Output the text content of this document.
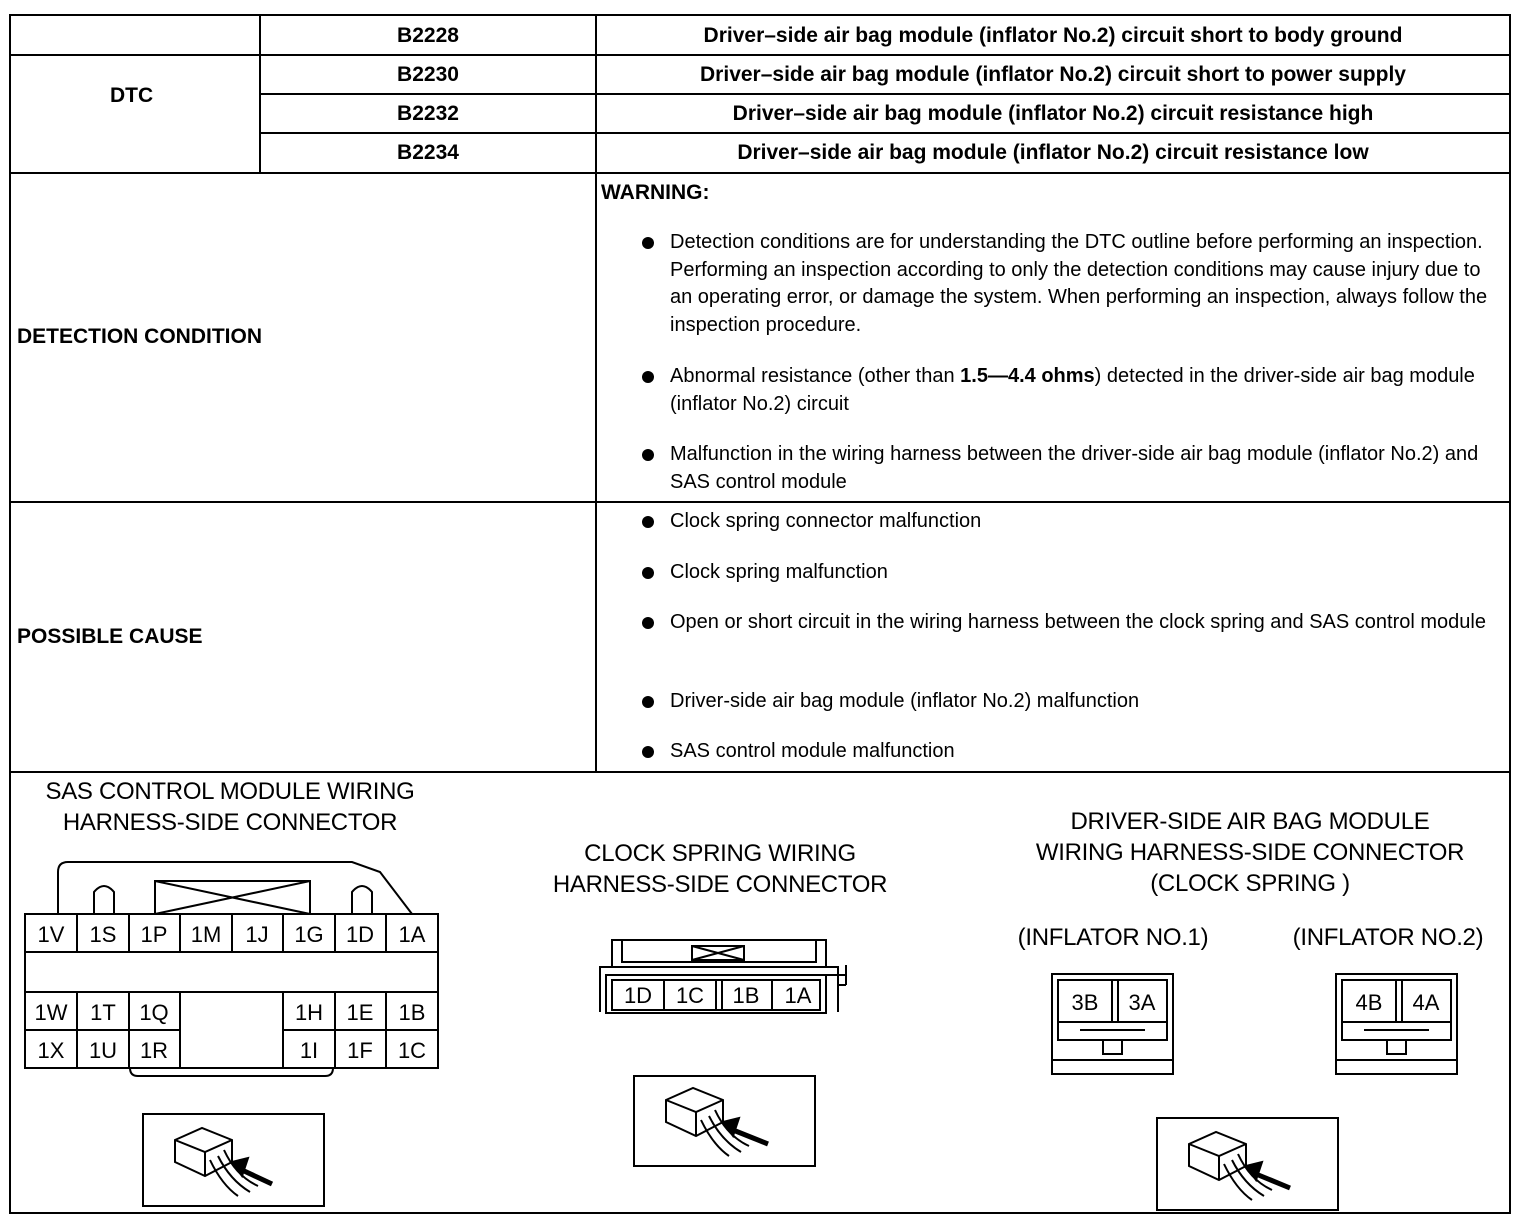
DTC
B2228	Driver–side air bag module (inflator No.2) circuit short to body ground
B2230	Driver–side air bag module (inflator No.2) circuit short to power supply
B2232	Driver–side air bag module (inflator No.2) circuit resistance high
B2234	Driver–side air bag module (inflator No.2) circuit resistance low
DETECTION CONDITION
WARNING:
Detection conditions are for understanding the DTC outline before performing an inspection. Performing an inspection according to only the detection conditions may cause injury due to an operating error, or damage the system. When performing an inspection, always follow the inspection procedure.
Abnormal resistance (other than 1.5—4.4 ohms) detected in the driver-side air bag module (inflator No.2) circuit
Malfunction in the wiring harness between the driver-side air bag module (inflator No.2) and SAS control module
POSSIBLE CAUSE
Clock spring connector malfunction
Clock spring malfunction
Open or short circuit in the wiring harness between the clock spring and SAS control module
Driver-side air bag module (inflator No.2) malfunction
SAS control module malfunction
SAS CONTROL MODULE WIRING
HARNESS-SIDE CONNECTOR
CLOCK SPRING WIRING
HARNESS-SIDE CONNECTOR
DRIVER-SIDE AIR BAG MODULE
WIRING HARNESS-SIDE CONNECTOR
(CLOCK SPRING )
(INFLATOR NO.1)	(INFLATOR NO.2)
1V 1S 1P 1M 1J 1G 1D 1A
1W 1T 1Q	1H 1E 1B
1X 1U 1R	1I 1F 1C
1D 1C 1B 1A	3B 3A	4B 4A
